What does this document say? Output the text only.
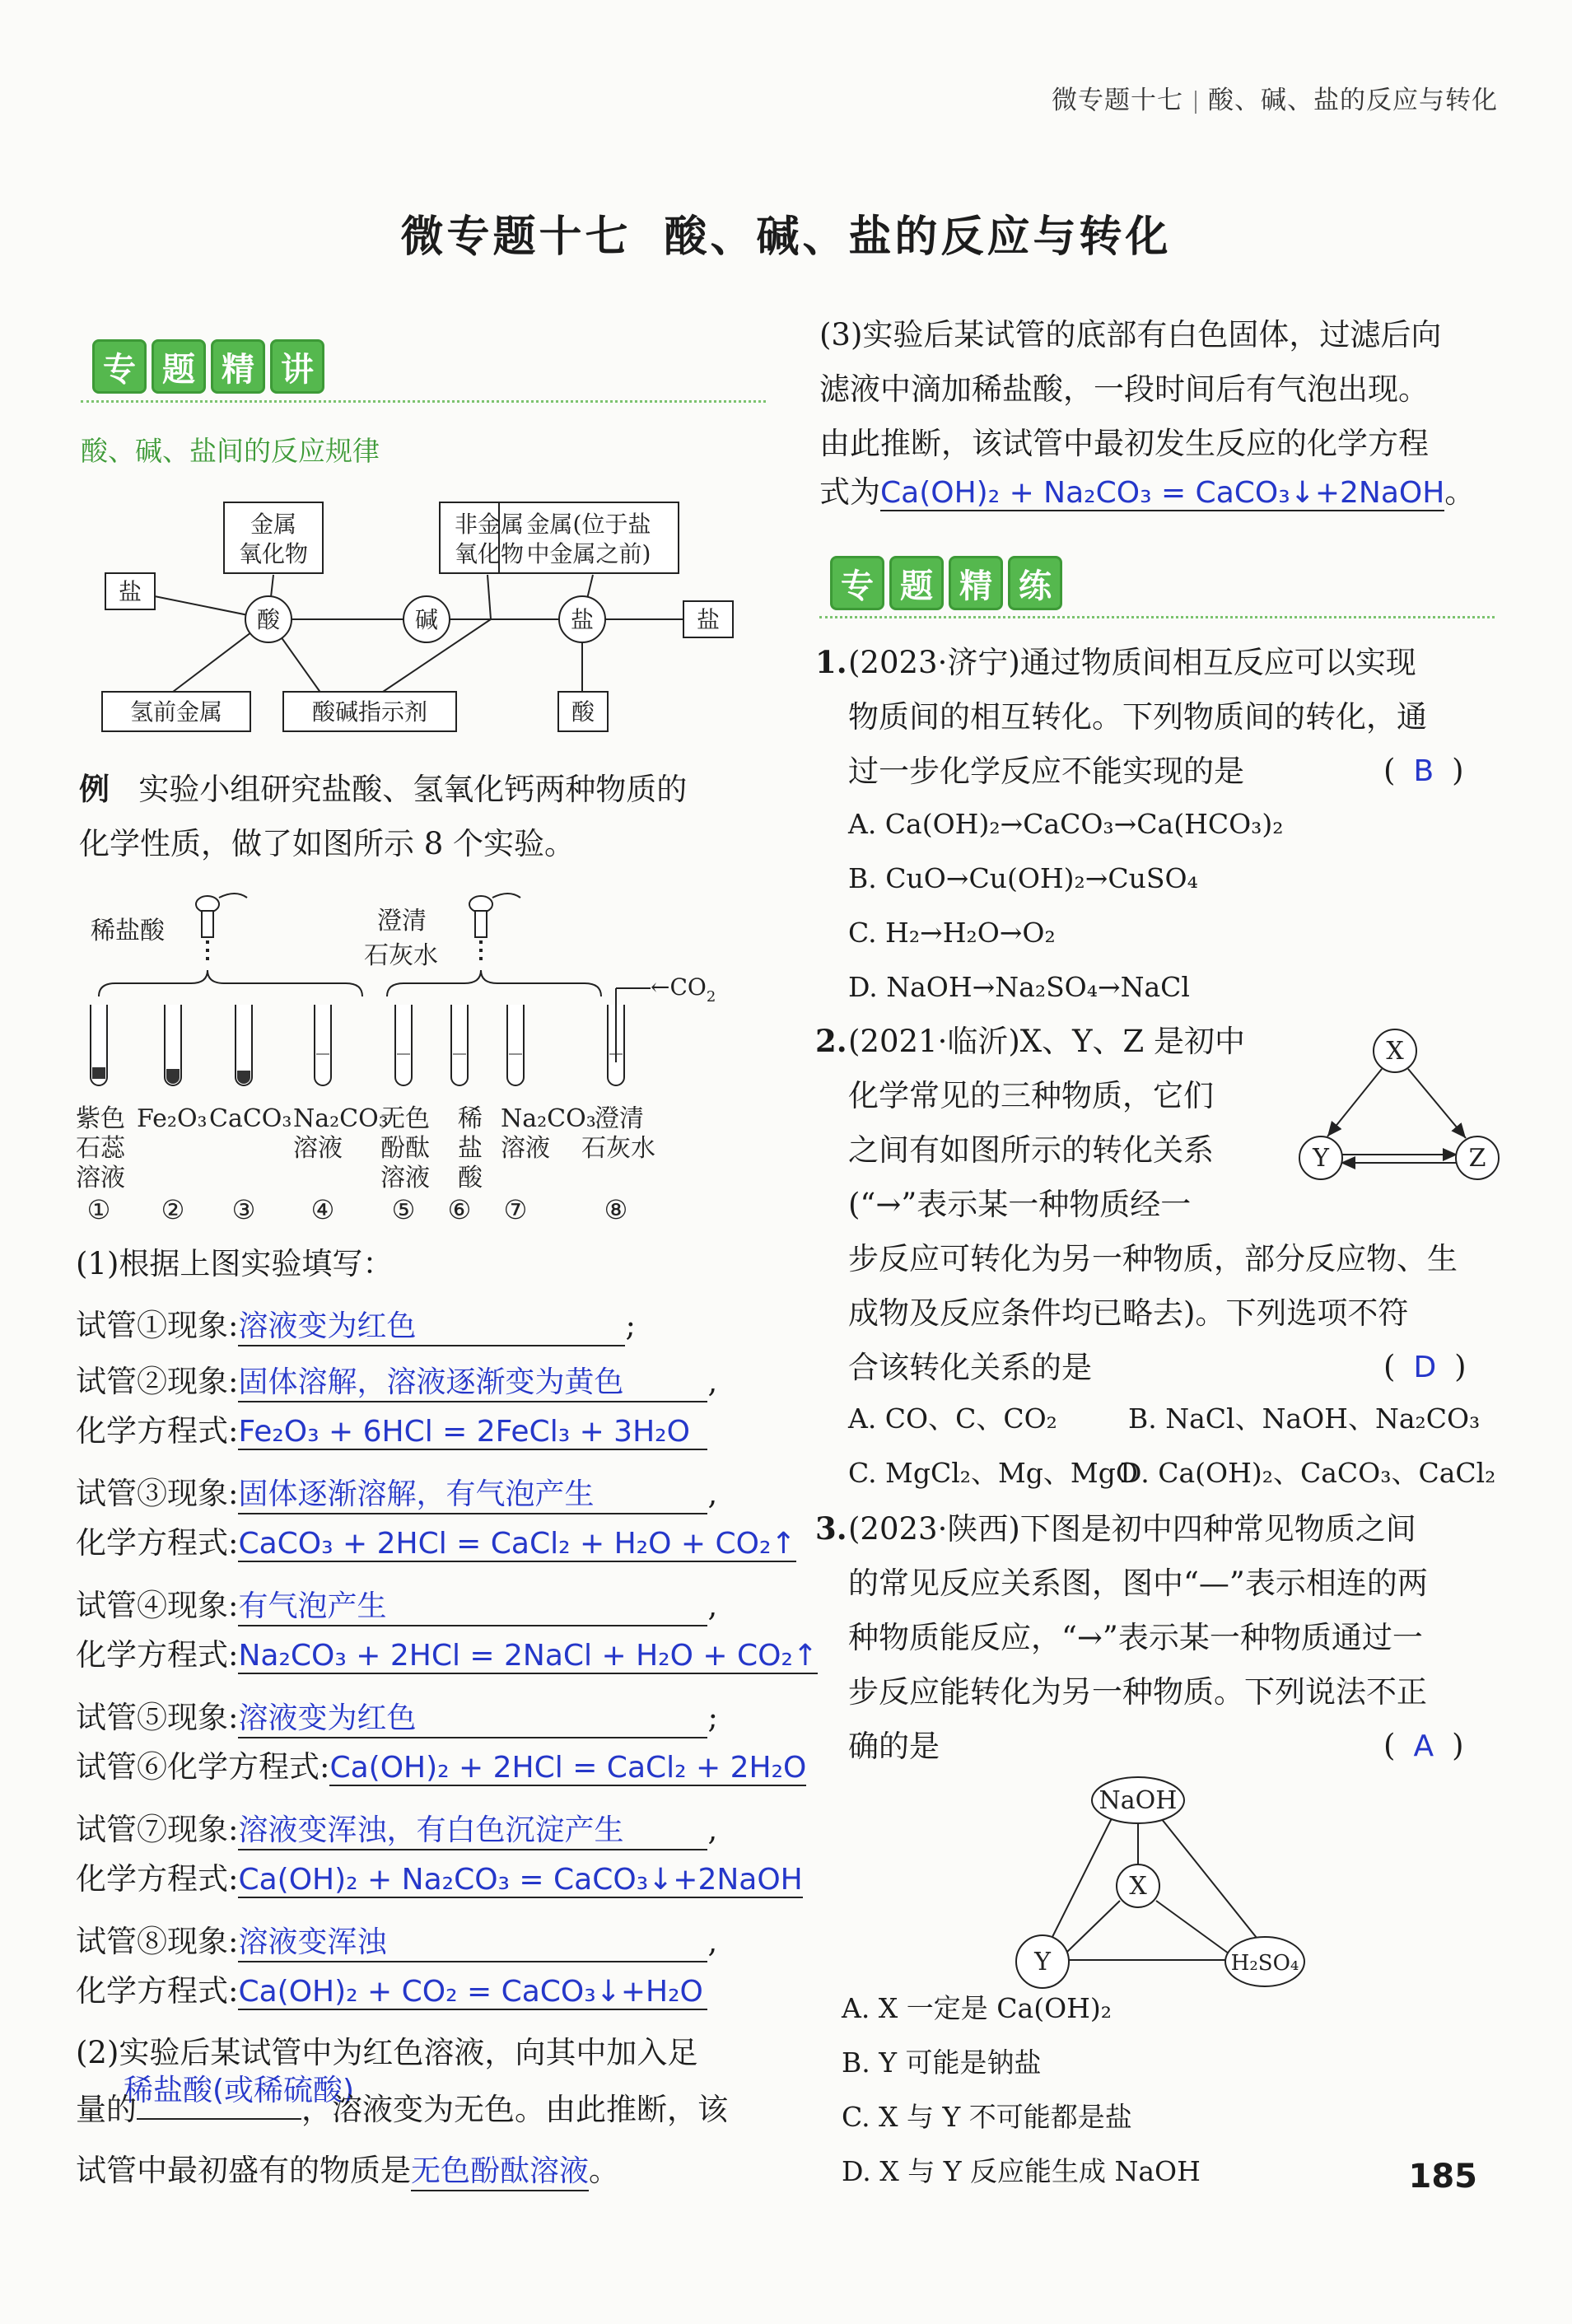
微专题十七 酸、碱、盐的反应与转化
微专题十七 酸、碱、盐的反应与转化
专 题 精 讲
酸、碱、盐间的反应规律
金属
氧化物
非金属
氧化物
金属(位于盐
中金属之前)
盐
盐
氢前金属	酸碱指示剂	酸
酸	碱	盐
例 实验小组研究盐酸、氢氧化钙两种物质的
化学性质，做了如图所示 8 个实验。
稀盐酸	澄清
石灰水
$\leftarrow CO_2$
紫色
石蕊
溶液
Fe₂O₃ CaCO₃ Na₂CO₃
溶液
无色
酚酞
溶液
稀
盐
酸
Na₂CO₃
溶液
澄清
石灰水
① ② ③ ④ ⑤ ⑥ ⑦	⑧
(1)根据上图实验填写：
试管①现象:溶液变为红色	;
试管②现象:固体溶解，溶液逐渐变为黄色	,
化学方程式:Fe₂O₃ + 6HCl = 2FeCl₃ + 3H₂O
试管③现象:固体逐渐溶解，有气泡产生	,
化学方程式:CaCO₃ + 2HCl = CaCl₂ + H₂O + CO₂↑
试管④现象:有气泡产生	,
化学方程式:Na₂CO₃ + 2HCl = 2NaCl + H₂O + CO₂↑
试管⑤现象:溶液变为红色	;
试管⑥化学方程式:Ca(OH)₂ + 2HCl = CaCl₂ + 2H₂O
试管⑦现象:溶液变浑浊，有白色沉淀产生	,
化学方程式:Ca(OH)₂ + Na₂CO₃ = CaCO₃↓+2NaOH
试管⑧现象:溶液变浑浊	,
化学方程式:Ca(OH)₂ + CO₂ = CaCO₃↓+H₂O
(2)实验后某试管中为红色溶液，向其中加入足
稀盐酸(或稀硫酸)
量的	，溶液变为无色。由此推断，该
试管中最初盛有的物质是无色酚酞溶液。
(3)实验后某试管的底部有白色固体，过滤后向
滤液中滴加稀盐酸，一段时间后有气泡出现。
由此推断，该试管中最初发生反应的化学方程
式为Ca(OH)₂ + Na₂CO₃ = CaCO₃↓+2NaOH。
专 题 精 练
1. (2023·济宁)通过物质间相互反应可以实现
物质间的相互转化。下列物质间的转化，通
过一步化学反应不能实现的是	( B )
A. Ca(OH)₂→CaCO₃→Ca(HCO₃)₂
B. CuO→Cu(OH)₂→CuSO₄
C. H₂→H₂O→O₂
D. NaOH→Na₂SO₄→NaCl
2. (2021·临沂)X、Y、Z 是初中
化学常见的三种物质，它们
之间有如图所示的转化关系
(“→”表示某一种物质经一
步反应可转化为另一种物质，部分反应物、生
成物及反应条件均已略去)。下列选项不符
合该转化关系的是	( D )
A. CO、C、CO₂	B. NaCl、NaOH、Na₂CO₃
C. MgCl₂、Mg、MgO
D. Ca(OH)₂、CaCO₃、CaCl₂
X
Y	Z
3. (2023·陕西)下图是初中四种常见物质之间
的常见反应关系图，图中“—”表示相连的两
种物质能反应，“→”表示某一种物质通过一
步反应能转化为另一种物质。下列说法不正
确的是	( A )
NaOH
X
Y	H₂SO₄
A. X 一定是 Ca(OH)₂
B. Y 可能是钠盐
C. X 与 Y 不可能都是盐
D. X 与 Y 反应能生成 NaOH	185
